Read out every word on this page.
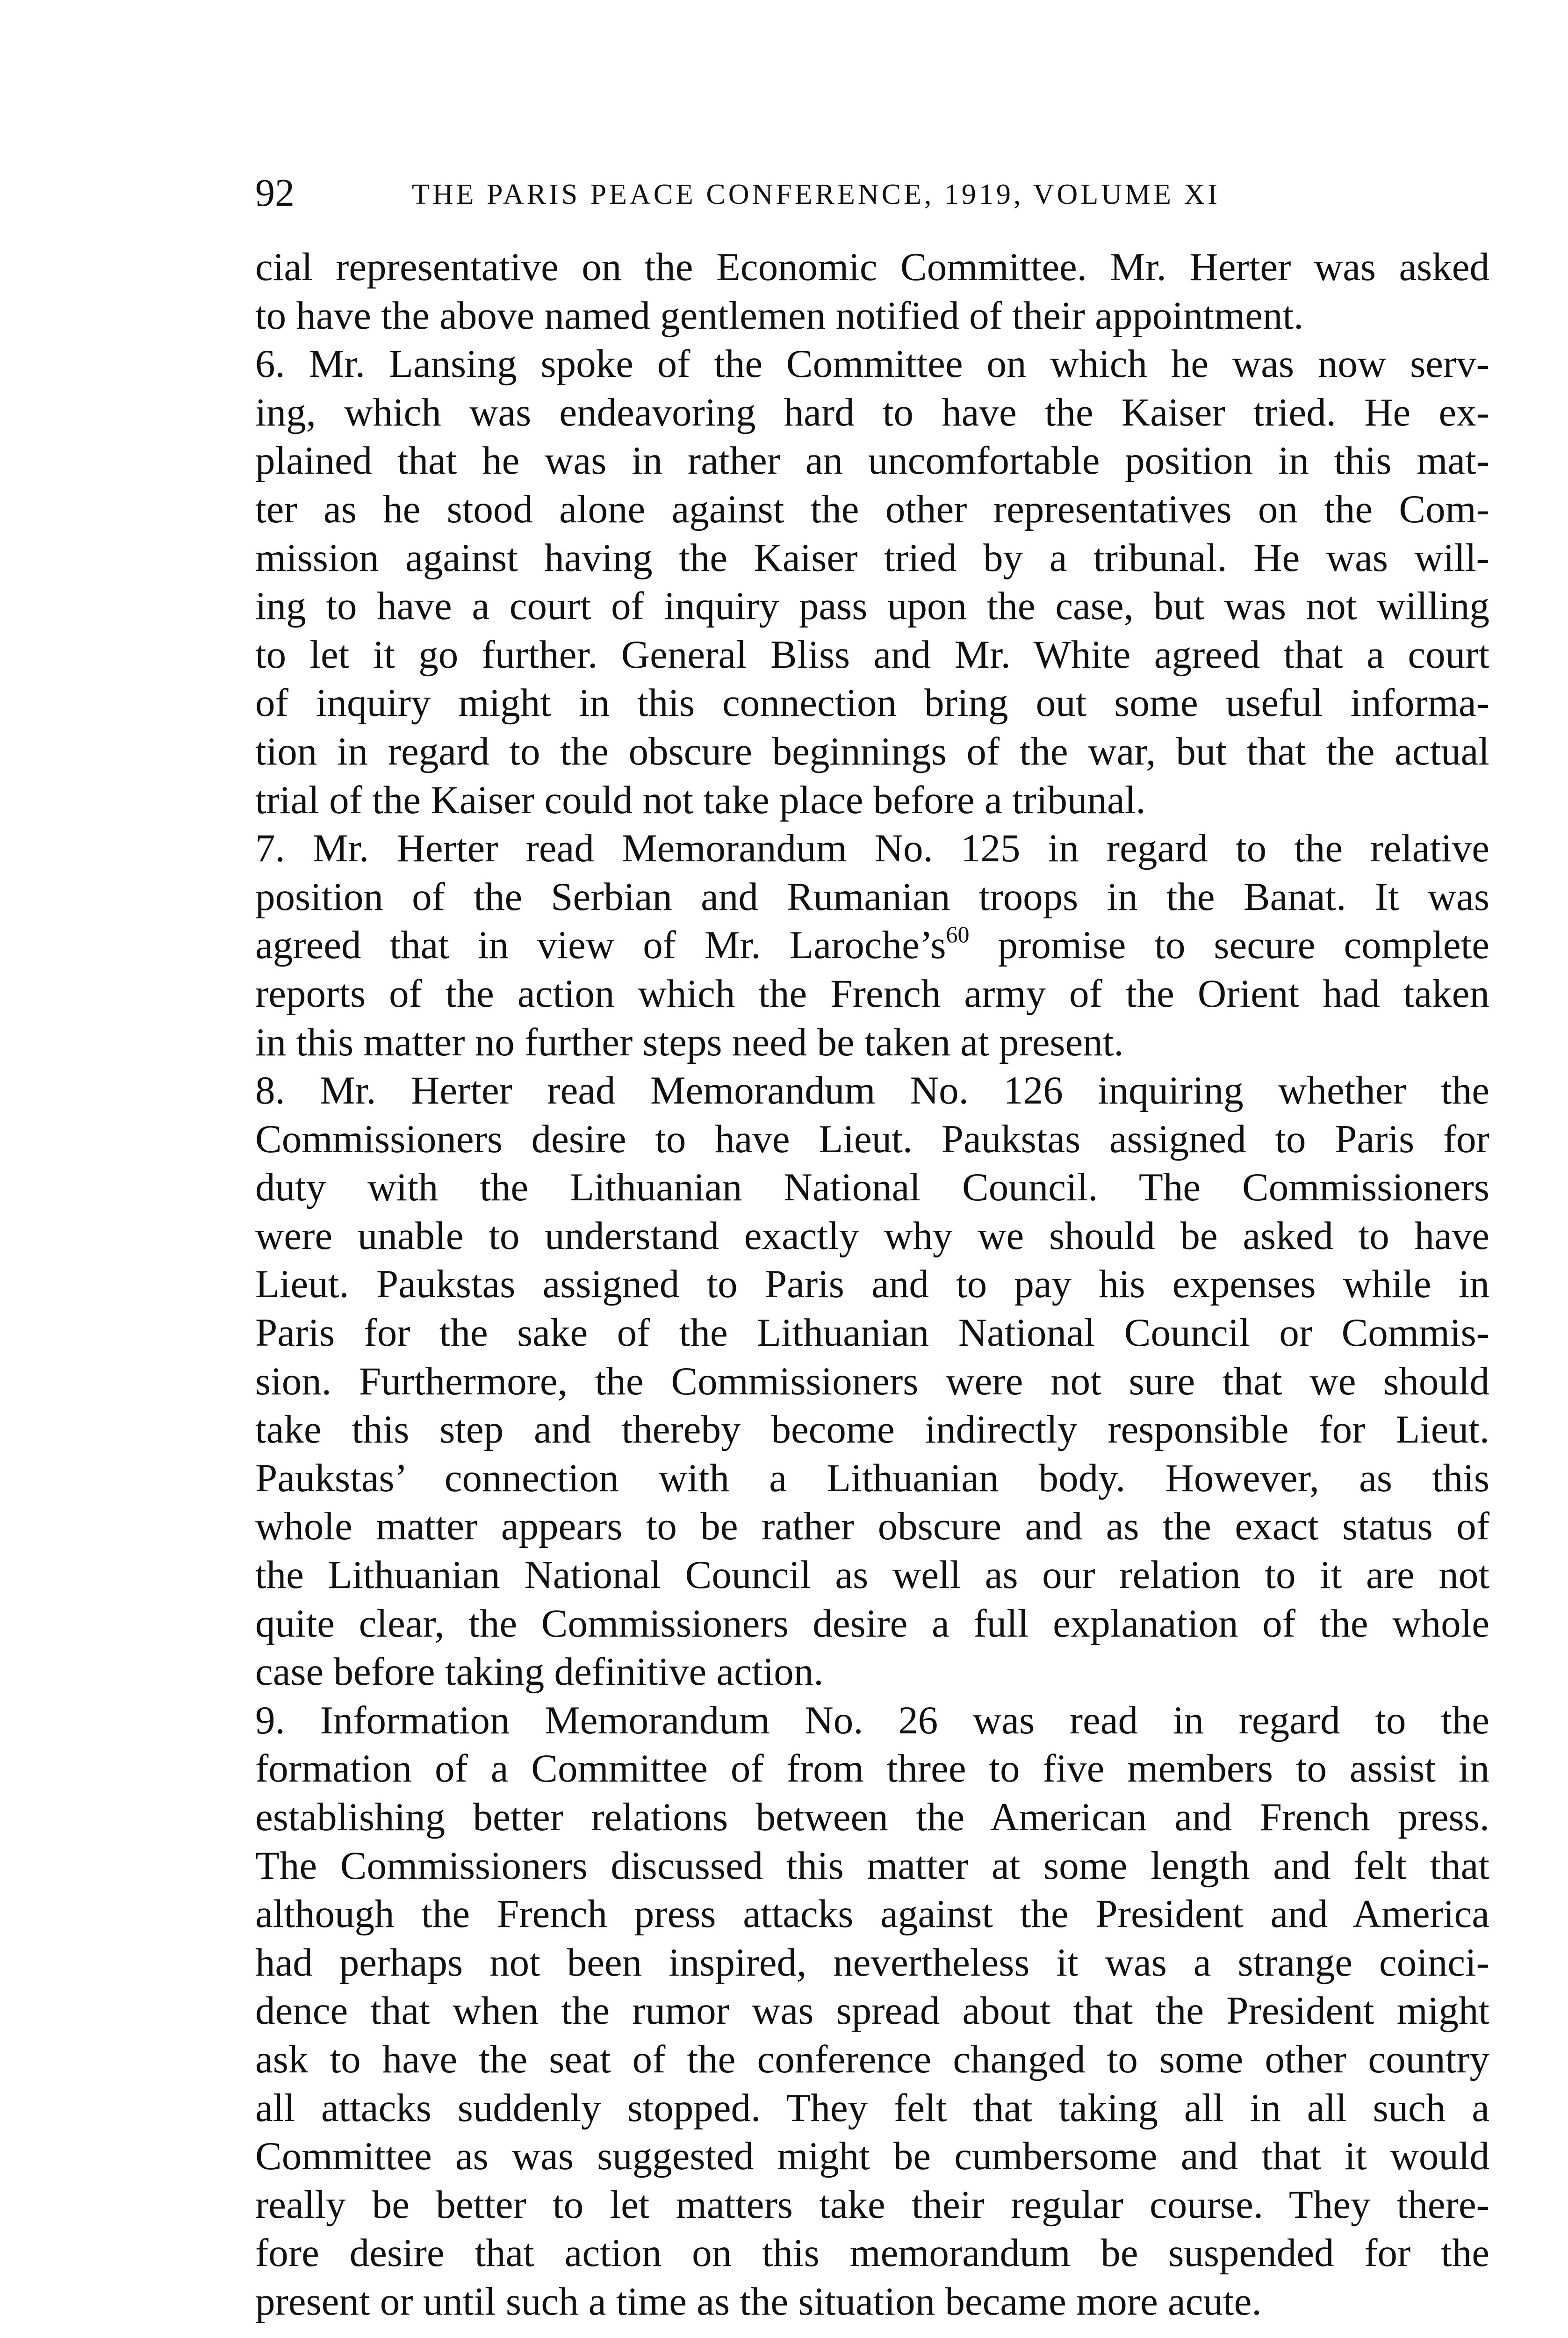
92	THE PARIS PEACE CONFERENCE, 1919, VOLUME XI
cial representative on the Economic Committee. Mr. Herter was asked
to have the above named gentlemen notified of their appointment.
6. Mr. Lansing spoke of the Committee on which he was now serv-
ing, which was endeavoring hard to have the Kaiser tried. He ex-
plained that he was in rather an uncomfortable position in this mat-
ter as he stood alone against the other representatives on the Com-
mission against having the Kaiser tried by a tribunal. He was will-
ing to have a court of inquiry pass upon the case, but was not willing
to let it go further. General Bliss and Mr. White agreed that a court
of inquiry might in this connection bring out some useful informa-
tion in regard to the obscure beginnings of the war, but that the actual
trial of the Kaiser could not take place before a tribunal.
7. Mr. Herter read Memorandum No. 125 in regard to the relative
position of the Serbian and Rumanian troops in the Banat. It was
agreed that in view of Mr. $Laroche’s^{60}$ promise to secure complete
reports of the action which the French army of the Orient had taken
in this matter no further steps need be taken at present.
8. Mr. Herter read Memorandum No. 126 inquiring whether the
Commissioners desire to have Lieut. Paukstas assigned to Paris for
duty with the Lithuanian National Council. The Commissioners
were unable to understand exactly why we should be asked to have
Lieut. Paukstas assigned to Paris and to pay his expenses while in
Paris for the sake of the Lithuanian National Council or Commis-
sion. Furthermore, the Commissioners were not sure that we should
take this step and thereby become indirectly responsible for Lieut.
Paukstas’ connection with a Lithuanian body. However, as this
whole matter appears to be rather obscure and as the exact status of
the Lithuanian National Council as well as our relation to it are not
quite clear, the Commissioners desire a full explanation of the whole
case before taking definitive action.
9. Information Memorandum No. 26 was read in regard to the
formation of a Committee of from three to five members to assist in
establishing better relations between the American and French press.
The Commissioners discussed this matter at some length and felt that
although the French press attacks against the President and America
had perhaps not been inspired, nevertheless it was a strange coinci-
dence that when the rumor was spread about that the President might
ask to have the seat of the conference changed to some other country
all attacks suddenly stopped. They felt that taking all in all such a
Committee as was suggested might be cumbersome and that it would
really be better to let matters take their regular course. They there-
fore desire that action on this memorandum be suspended for the
present or until such a time as the situation became more acute.
